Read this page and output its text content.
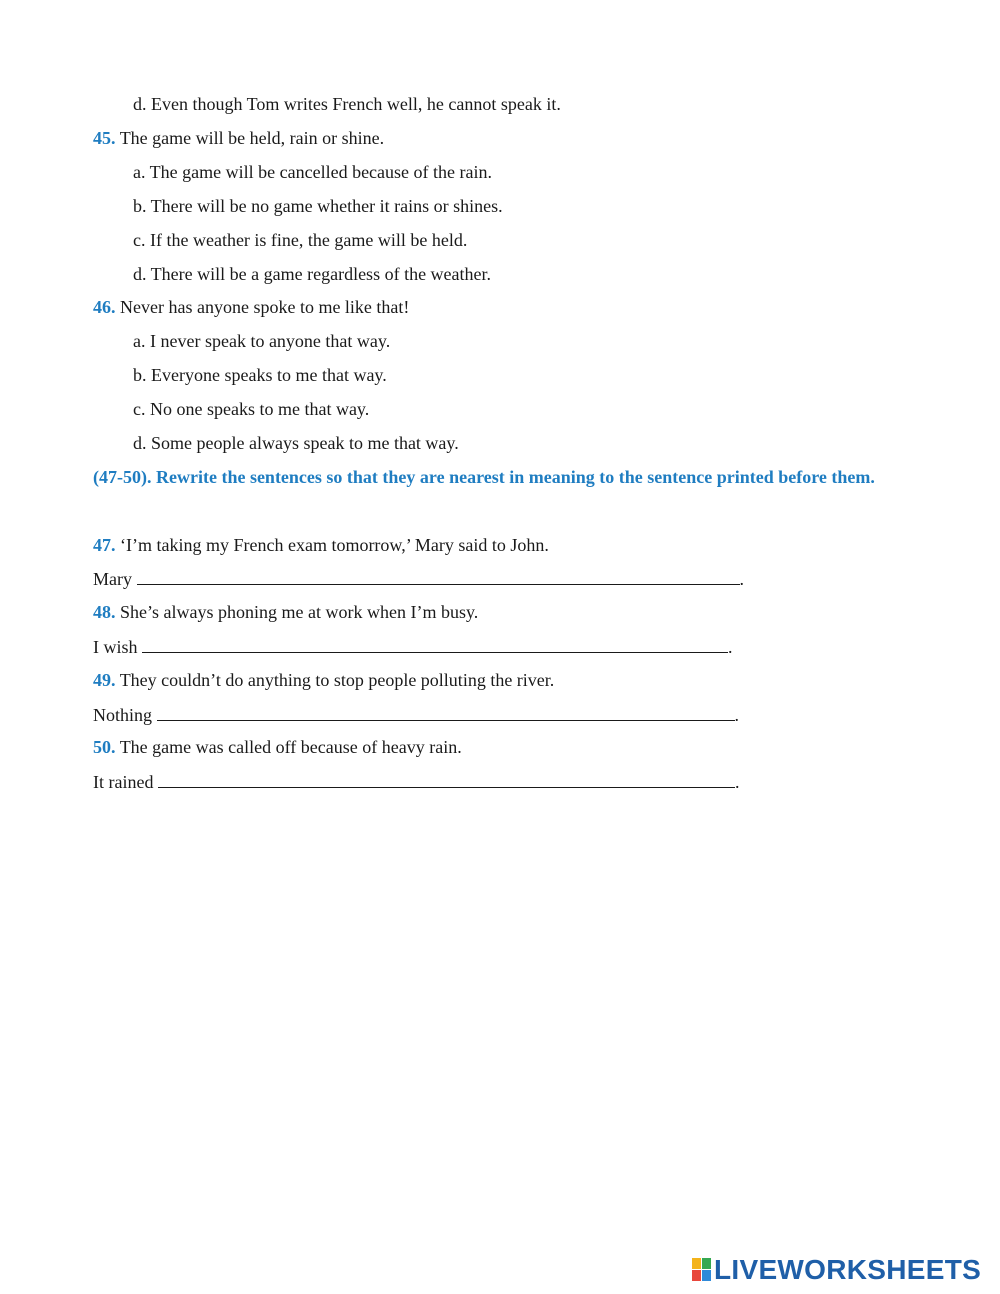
d. Even though Tom writes French well, he cannot speak it.
45. The game will be held, rain or shine.
a. The game will be cancelled because of the rain.
b. There will be no game whether it rains or shines.
c. If the weather is fine, the game will be held.
d. There will be a game regardless of the weather.
46. Never has anyone spoke to me like that!
a. I never speak to anyone that way.
b. Everyone speaks to me that way.
c. No one speaks to me that way.
d. Some people always speak to me that way.
(47-50). Rewrite the sentences so that they are nearest in meaning to the sentence printed before them.
47. ‘I’m taking my French exam tomorrow,’ Mary said to John.
Mary	.
48. She’s always phoning me at work when I’m busy.
I wish	.
49. They couldn’t do anything to stop people polluting the river.
Nothing	.
50. The game was called off because of heavy rain.
It rained	.
LIVEWORKSHEETS
